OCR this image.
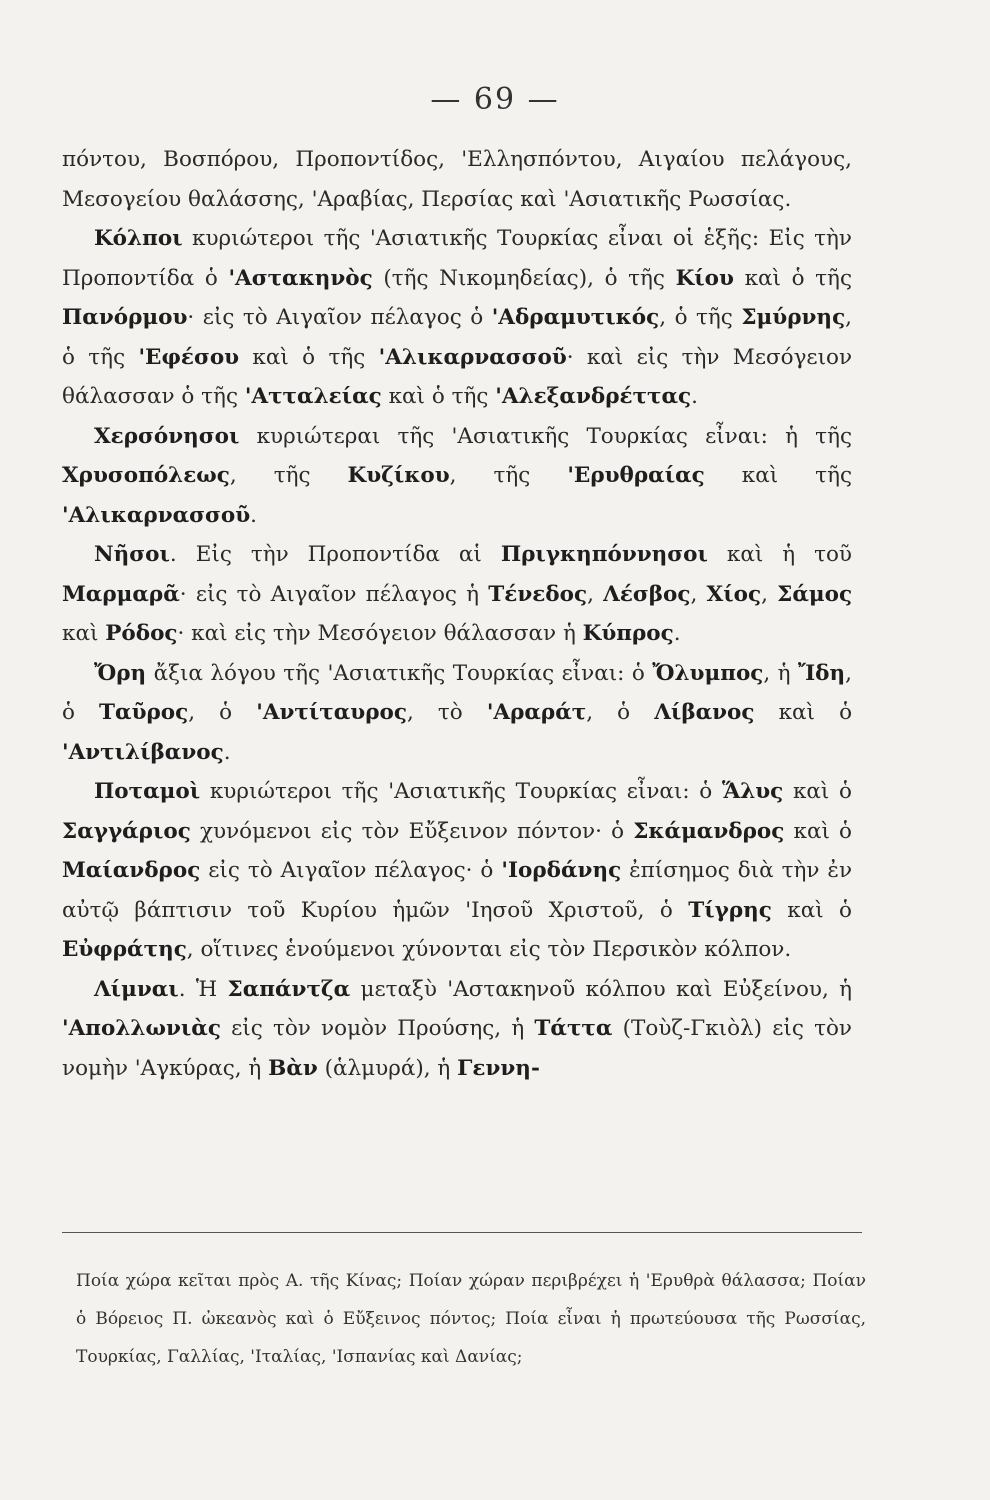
— 69 —

πόντου, Βοσπόρου, Προποντίδος, 'Ελλησπόντου, Αιγαίου πελάγους, Μεσογείου θαλάσσης, 'Αραβίας, Περσίας καὶ 'Ασιατικῆς Ρωσσίας.

Κόλποι κυριώτεροι τῆς 'Ασιατικῆς Τουρκίας εἶναι οἱ ἑξῆς: Εἰς τὴν Προποντίδα ὁ 'Αστακηνὸς (τῆς Νικομηδείας), ὁ τῆς Κίου καὶ ὁ τῆς Πανόρμου· εἰς τὸ Αιγαῖον πέλαγος ὁ 'Αδραμυτικός, ὁ τῆς Σμύρνης, ὁ τῆς 'Εφέσου καὶ ὁ τῆς 'Αλικαρνασσοῦ· καὶ εἰς τὴν Μεσόγειον θάλασσαν ὁ τῆς 'Ατταλείας καὶ ὁ τῆς 'Αλεξανδρέττας.

Χερσόνησοι κυριώτεραι τῆς 'Ασιατικῆς Τουρκίας εἶναι: ἡ τῆς Χρυσοπόλεως, τῆς Κυζίκου, τῆς 'Ερυθραίας καὶ τῆς 'Αλικαρνασσοῦ.

Νῆσοι. Εἰς τὴν Προποντίδα αἱ Πριγκηπόννησοι καὶ ἡ τοῦ Μαρμαρᾶ· εἰς τὸ Αιγαῖον πέλαγος ἡ Τένεδος, Λέσβος, Χίος, Σάμος καὶ Ρόδος· καὶ εἰς τὴν Μεσόγειον θάλασσαν ἡ Κύπρος.

Ὄρη ἄξια λόγου τῆς 'Ασιατικῆς Τουρκίας εἶναι: ὁ Ὄλυμπος, ἡ Ἴδη, ὁ Ταῦρος, ὁ 'Αντίταυρος, τὸ 'Αραράτ, ὁ Λίβανος καὶ ὁ 'Αντιλίβανος.

Ποταμοὶ κυριώτεροι τῆς 'Ασιατικῆς Τουρκίας εἶναι: ὁ Ἅλυς καὶ ὁ Σαγγάριος χυνόμενοι εἰς τὸν Εὔξεινον πόντον· ὁ Σκάμανδρος καὶ ὁ Μαίανδρος εἰς τὸ Αιγαῖον πέλαγος· ὁ 'Ιορδάνης ἐπίσημος διὰ τὴν ἐν αὐτῷ βάπτισιν τοῦ Κυρίου ἡμῶν 'Ιησοῦ Χριστοῦ, ὁ Τίγρης καὶ ὁ Εὐφράτης, οἵτινες ἑνούμενοι χύνονται εἰς τὸν Περσικὸν κόλπον.

Λίμναι. Ἡ Σαπάντζα μεταξὺ 'Αστακηνοῦ κόλπου καὶ Εὐξείνου, ἡ 'Απολλωνιὰς εἰς τὸν νομὸν Προύσης, ἡ Τάττα (Τοὺζ-Γκιὸλ) εἰς τὸν νομὴν 'Αγκύρας, ἡ Βὰν (ἁλμυρά), ἡ Γεννη-

Ποία χώρα κεῖται πρὸς Α. τῆς Κίνας; Ποίαν χώραν περιβρέχει ἡ 'Ερυθρὰ θάλασσα; Ποίαν ὁ Βόρειος Π. ὠκεανὸς καὶ ὁ Εὔξεινος πόντος; Ποία εἶναι ἡ πρωτεύουσα τῆς Ρωσσίας, Τουρκίας, Γαλλίας, 'Ιταλίας, 'Ισπανίας καὶ Δανίας;
